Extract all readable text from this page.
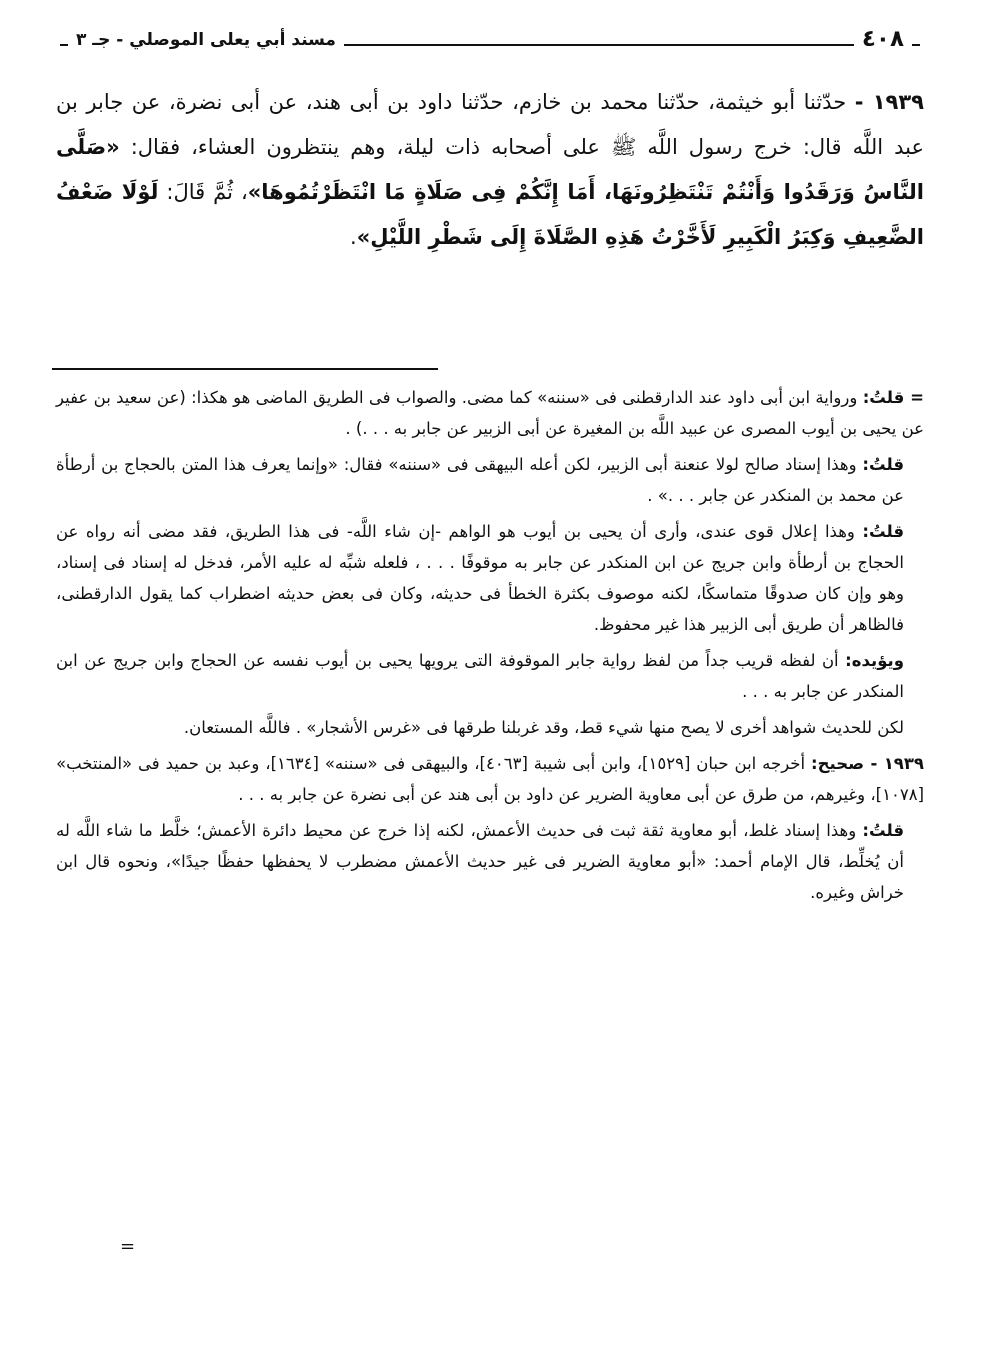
٤٠٨
مسند أبي يعلى الموصلي - جـ ٣
١٩٣٩ - حدّثنا أبو خيثمة، حدّثنا محمد بن خازم، حدّثنا داود بن أبى هند، عن أبى نضرة، عن جابر بن عبد اللَّه قال: خرج رسول اللَّه ﷺ على أصحابه ذات ليلة، وهم ينتظرون العشاء، فقال: «صَلَّى النَّاسُ وَرَقَدُوا وَأَنْتُمْ تَنْتَظِرُونَهَا، أَمَا إِنَّكُمْ فِى صَلَاةٍ مَا انْتَظَرْتُمُوهَا»، ثُمَّ قَالَ: لَوْلَا ضَعْفُ الضَّعِيفِ وَكِبَرُ الْكَبِيرِ لَأَخَّرْتُ هَذِهِ الصَّلَاةَ إِلَى شَطْرِ اللَّيْلِ».

= قلتُ: ورواية ابن أبى داود عند الدارقطنى فى «سننه» كما مضى. والصواب فى الطريق الماضى هو هكذا: (عن سعيد بن عفير عن يحيى بن أيوب المصرى عن عبيد اللَّه بن المغيرة عن أبى الزبير عن جابر به . . .) .

قلتُ: وهذا إسناد صالح لولا عنعنة أبى الزبير، لكن أعله البيهقى فى «سننه» فقال: «وإنما يعرف هذا المتن بالحجاج بن أرطأة عن محمد بن المنكدر عن جابر . . .» .

قلتُ: وهذا إعلال قوى عندى، وأرى أن يحيى بن أيوب هو الواهم -إن شاء اللَّه- فى هذا الطريق، فقد مضى أنه رواه عن الحجاج بن أرطأة وابن جريج عن ابن المنكدر عن جابر به موقوفًا . . . ، فلعله شبِّه له عليه الأمر، فدخل له إسناد فى إسناد، وهو وإن كان صدوقًا متماسكًا، لكنه موصوف بكثرة الخطأ فى حديثه، وكان فى بعض حديثه اضطراب كما يقول الدارقطنى، فالظاهر أن طريق أبى الزبير هذا غير محفوظ.

ويؤيده: أن لفظه قريب جداً من لفظ رواية جابر الموقوفة التى يرويها يحيى بن أيوب نفسه عن الحجاج وابن جريج عن ابن المنكدر عن جابر به . . .

لكن للحديث شواهد أخرى لا يصح منها شيء قط، وقد غربلنا طرقها فى «غرس الأشجار» . فاللَّه المستعان.

١٩٣٩ - صحيح: أخرجه ابن حبان [١٥٢٩]، وابن أبى شيبة [٤٠٦٣]، والبيهقى فى «سننه» [١٦٣٤]، وعبد بن حميد فى «المنتخب» [١٠٧٨]، وغيرهم، من طرق عن أبى معاوية الضرير عن داود بن أبى هند عن أبى نضرة عن جابر به . . .

قلتُ: وهذا إسناد غلط، أبو معاوية ثقة ثبت فى حديث الأعمش، لكنه إذا خرج عن محيط دائرة الأعمش؛ خلَّط ما شاء اللَّه له أن يُخلِّط، قال الإمام أحمد: «أبو معاوية الضرير فى غير حديث الأعمش مضطرب لا يحفظها حفظًا جيدًا»، ونحوه قال ابن خراش وغيره.

=
